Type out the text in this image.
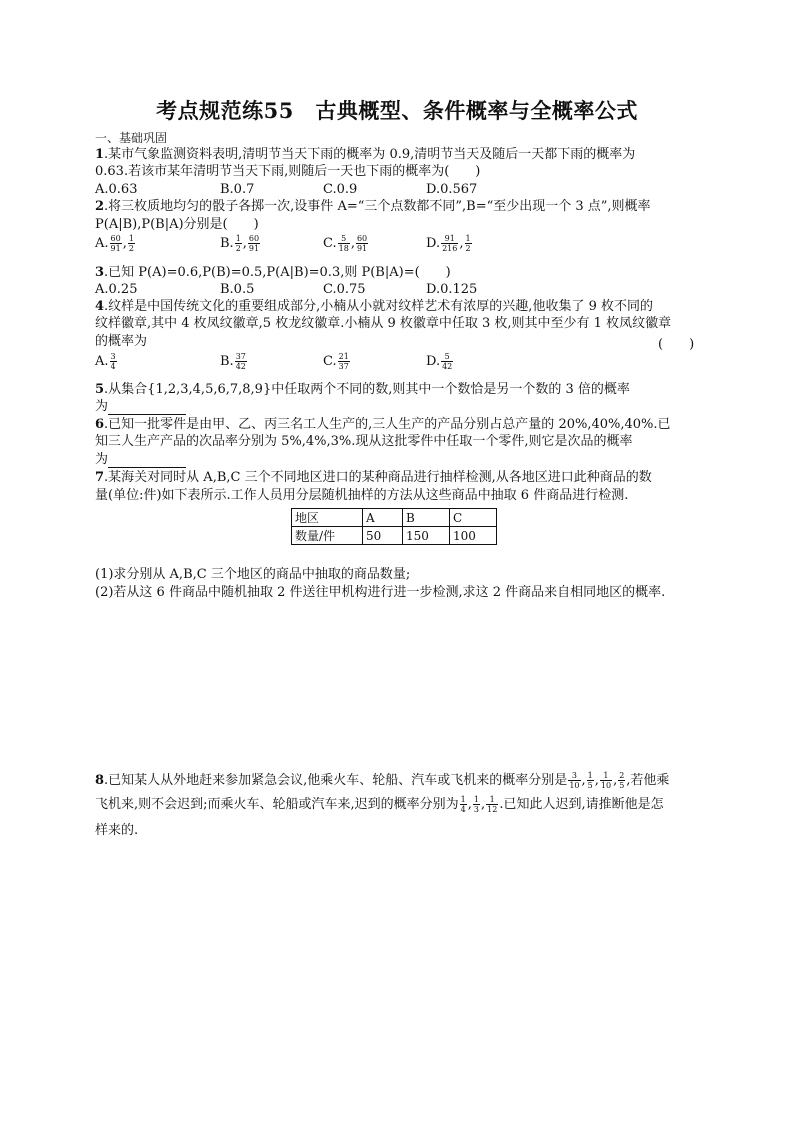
考点规范练55　古典概型、条件概率与全概率公式
一、基础巩固
1.某市气象监测资料表明,清明节当天下雨的概率为 0.9,清明节当天及随后一天都下雨的概率为
0.63.若该市某年清明节当天下雨,则随后一天也下雨的概率为(　　)
A.0.63	B.0.7	C.0.9	D.0.567
2.将三枚质地均匀的骰子各掷一次,设事件 A=“三个点数都不同”,B=“至少出现一个 3 点”,则概率
P(A|B),P(B|A)分别是(　　)
A. $\frac{60}{91}$ , $\frac{1}{2}$	B. $\frac{1}{2}$ , $\frac{60}{91}$	C. $\frac{5}{18}$ , $\frac{60}{91}$	D. $\frac{91}{216}$ , $\frac{1}{2}$
3.已知 P(A)=0.6,P(B)=0.5,P(A|B)=0.3,则 P(B|A)=(　　)
A.0.25	B.0.5	C.0.75	D.0.125
4.纹样是中国传统文化的重要组成部分,小楠从小就对纹样艺术有浓厚的兴趣,他收集了 9 枚不同的
纹样徽章,其中 4 枚凤纹徽章,5 枚龙纹徽章.小楠从 9 枚徽章中任取 3 枚,则其中至少有 1 枚凤纹徽章
的概率为	(　　)
A. $\frac{3}{4}$	B. $\frac{37}{42}$	C. $\frac{21}{37}$	D. $\frac{5}{42}$
5.从集合{1,2,3,4,5,6,7,8,9}中任取两个不同的数,则其中一个数恰是另一个数的 3 倍的概率
为
6.已知一批零件是由甲、乙、丙三名工人生产的,三人生产的产品分别占总产量的 20%,40%,40%.已
知三人生产产品的次品率分别为 5%,4%,3%.现从这批零件中任取一个零件,则它是次品的概率
为
7.某海关对同时从 A,B,C 三个不同地区进口的某种商品进行抽样检测,从各地区进口此种商品的数
量(单位:件)如下表所示.工作人员用分层随机抽样的方法从这些商品中抽取 6 件商品进行检测.
地区	A	B	C
数量/件	50	150	100
(1)求分别从 A,B,C 三个地区的商品中抽取的商品数量;
(2)若从这 6 件商品中随机抽取 2 件送往甲机构进行进一步检测,求这 2 件商品来自相同地区的概率.
8.已知某人从外地赶来参加紧急会议,他乘火车、轮船、汽车或飞机来的概率分别是 $\frac{3}{10}$ , $\frac{1}{5}$ , $\frac{1}{10}$ , $\frac{2}{5}$ ,若他乘
飞机来,则不会迟到;而乘火车、轮船或汽车来,迟到的概率分别为 $\frac{1}{4}$ , $\frac{1}{3}$ , $\frac{1}{12}$ .已知此人迟到,请推断他是怎
样来的.
